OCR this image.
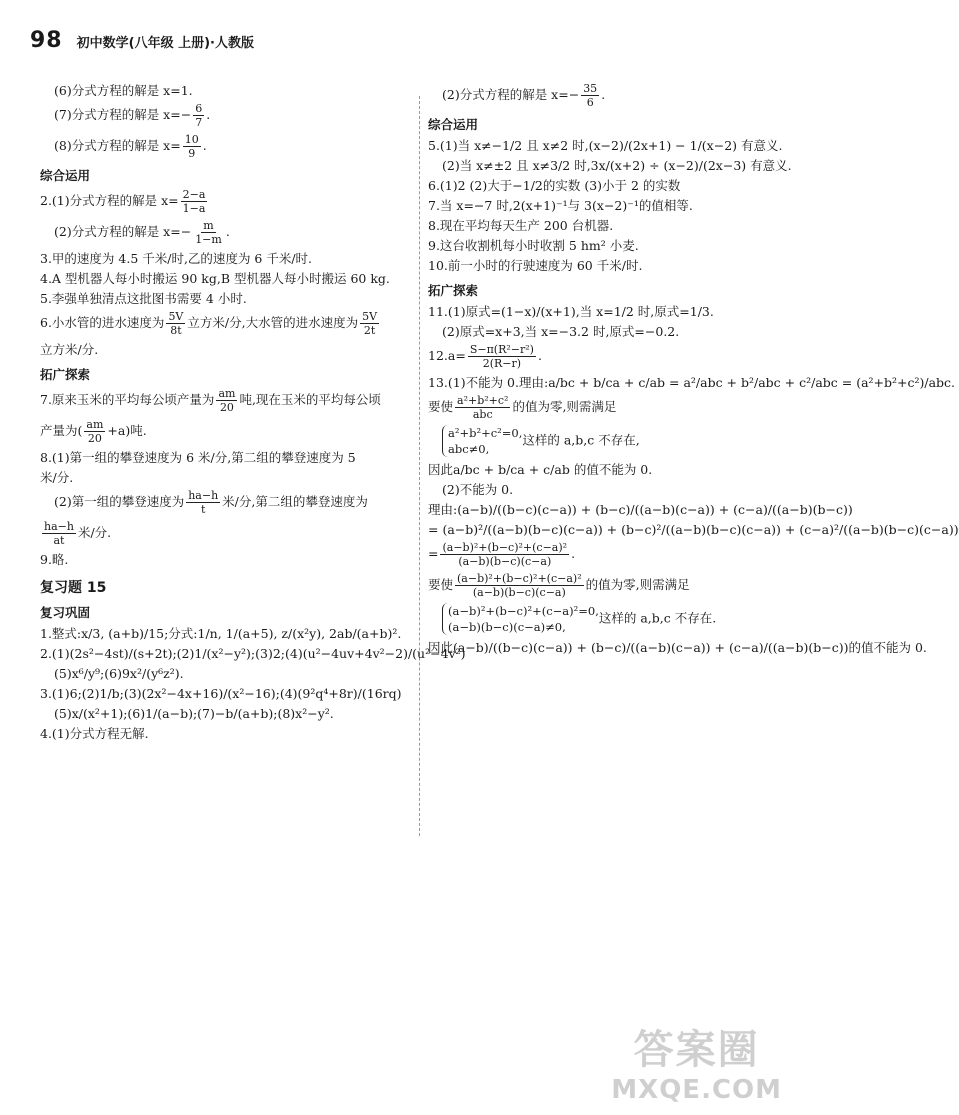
98 初中数学(八年级 上册)·人教版
(6)分式方程的解是 x=1.
(7)分式方程的解是 $x=- \frac{6}{7}$ .
(8)分式方程的解是 $x= \frac{10}{9}$ .
综合运用
2.(1)分式方程的解是 $x= \frac{2-a}{1-a}$
(2)分式方程的解是 $x=- \frac{m}{1-m}$ .
3.甲的速度为 4.5 千米/时,乙的速度为 6 千米/时.
4.A 型机器人每小时搬运 90 kg,B 型机器人每小时搬运 60 kg.
5.李强单独清点这批图书需要 4 小时.
6.小水管的进水速度为 $\frac{5V}{8t}$ 立方米/分,大水管的进水速度为 $\frac{5V}{2t}$
立方米/分.
拓广探索
7.原来玉米的平均每公顷产量为 $\frac{am}{20}$ 吨,现在玉米的平均每公顷
产量为( $\frac{am}{20} +a$)吨.
8.(1)第一组的攀登速度为 6 米/分,第二组的攀登速度为 5
米/分.
(2)第一组的攀登速度为 $\frac{ha-h}{t}$ 米/分,第二组的攀登速度为
$\frac{ha-h}{at}$ 米/分.
9.略.
复习题 15
复习巩固
1.整式:x/3, (a+b)/15;分式:1/n, 1/(a+5), z/(x²y), 2ab/(a+b)².
2.(1)(2s²−4st)/(s+2t);(2)1/(x²−y²);(3)2;(4)(u²−4uv+4v²−2)/(u²−4v²)
(5)x⁶/y⁹;(6)9x²/(y⁶z²).
3.(1)6;(2)1/b;(3)(2x²−4x+16)/(x²−16);(4)(9²q⁴+8r)/(16rq)
(5)x/(x²+1);(6)1/(a−b);(7)−b/(a+b);(8)x²−y².
4.(1)分式方程无解.
(2)分式方程的解是 $x=- \frac{35}{6}$ .
综合运用
5.(1)当 x≠−1/2 且 x≠2 时,(x−2)/(2x+1) − 1/(x−2) 有意义.
(2)当 x≠±2 且 x≠3/2 时,3x/(x+2) ÷ (x−2)/(2x−3) 有意义.
6.(1)2 (2)大于−1/2的实数 (3)小于 2 的实数
7.当 x=−7 时,2(x+1)⁻¹与 3(x−2)⁻¹的值相等.
8.现在平均每天生产 200 台机器.
9.这台收割机每小时收割 5 hm² 小麦.
10.前一小时的行驶速度为 60 千米/时.
拓广探索
11.(1)原式=(1−x)/(x+1),当 x=1/2 时,原式=1/3.
(2)原式=x+3,当 x=−3.2 时,原式=−0.2.
$12.a= \frac{\text{S−π(R²−r²)}}{2(R-r)}$ .
13.(1)不能为 0.理由:a/bc + b/ca + c/ab = a²/abc + b²/abc + c²/abc = (a²+b²+c²)/abc.
要使 a²+b²+c²
abc
的值为零,则需满足
a²+b²+c²=0,
abc≠0,这样的 a,b,c 不存在,
因此a/bc + b/ca + c/ab 的值不能为 0.
(2)不能为 0.
理由:(a−b)/((b−c)(c−a)) + (b−c)/((a−b)(c−a)) + (c−a)/((a−b)(b−c))
= (a−b)²/((a−b)(b−c)(c−a)) + (b−c)²/((a−b)(b−c)(c−a)) + (c−a)²/((a−b)(b−c)(c−a))
= $\frac{\text{(a−b)²+(b−c)²+(c−a)²}}{(a-b)(b-c)(c-a)}$ .
要使 $\frac{\text{(a−b)²+(b−c)²+(c−a)²}}{(a-b)(b-c)(c-a)}$ 的值为零,则需满足
(a−b)²+(b−c)²+(c−a)²=0,
(a−b)(b−c)(c−a)≠0,这样的 a,b,c 不存在.
因此(a−b)/((b−c)(c−a)) + (b−c)/((a−b)(c−a)) + (c−a)/((a−b)(b−c))的值不能为 0.
答案圈
MXQE.COM
